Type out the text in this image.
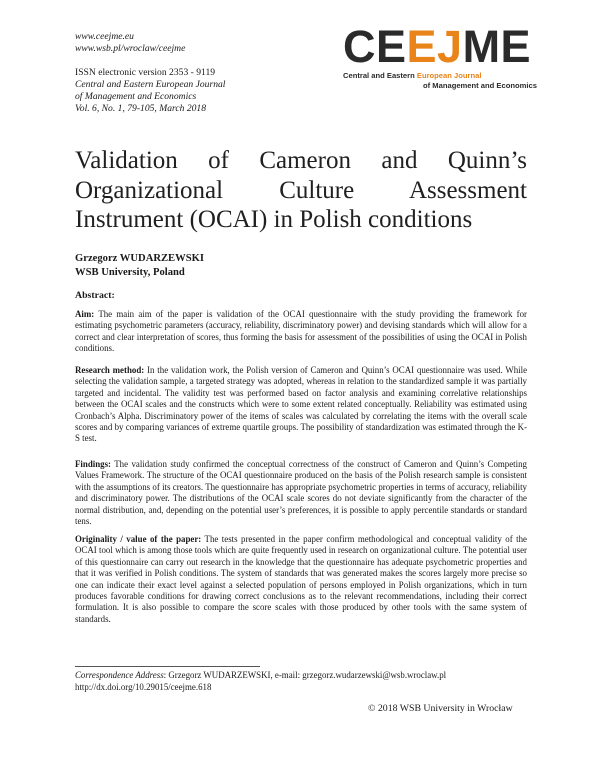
www.ceejme.eu
www.wsb.pl/wroclaw/ceejme
ISSN electronic version 2353 - 9119
Central and Eastern European Journal
of Management and Economics
Vol. 6, No. 1, 79-105, March 2018
CEEJME
Central and Eastern European Journal
of Management and Economics
Validation of Cameron and Quinn’s
Organizational Culture Assessment
Instrument (OCAI) in Polish conditions
Grzegorz WUDARZEWSKI
WSB University, Poland
Abstract:
Aim: The main aim of the paper is validation of the OCAI questionnaire with the study providing the framework for estimating psychometric parameters (accuracy, reliability, discriminatory power) and devising standards which will allow for a correct and clear interpretation of scores, thus forming the basis for assessment of the possibilities of using the OCAI in Polish conditions.
Research method: In the validation work, the Polish version of Cameron and Quinn’s OCAI questionnaire was used. While selecting the validation sample, a targeted strategy was adopted, whereas in relation to the standardized sample it was partially targeted and incidental. The validity test was performed based on factor analysis and examining correlative relationships between the OCAI scales and the constructs which were to some extent related conceptually. Reliability was estimated using Cronbach’s Alpha. Discriminatory power of the items of scales was calculated by correlating the items with the overall scale scores and by comparing variances of extreme quartile groups. The possibility of standardization was estimated through the K-S test.
Findings: The validation study confirmed the conceptual correctness of the construct of Cameron and Quinn’s Competing Values Framework. The structure of the OCAI questionnaire produced on the basis of the Polish research sample is consistent with the assumptions of its creators. The questionnaire has appropriate psychometric properties in terms of accuracy, reliability and discriminatory power. The distributions of the OCAI scale scores do not deviate significantly from the character of the normal distribution, and, depending on the potential user’s preferences, it is possible to apply percentile standards or standard tens.
Originality / value of the paper: The tests presented in the paper confirm methodological and conceptual validity of the OCAI tool which is among those tools which are quite frequently used in research on organizational culture. The potential user of this questionnaire can carry out research in the knowledge that the questionnaire has adequate psychometric properties and that it was verified in Polish conditions. The system of standards that was generated makes the scores largely more precise so one can indicate their exact level against a selected population of persons employed in Polish organizations, which in turn produces favorable conditions for drawing correct conclusions as to the relevant recommendations, including their correct formulation. It is also possible to compare the score scales with those produced by other tools with the same system of standards.
Correspondence Address: Grzegorz WUDARZEWSKI, e-mail: grzegorz.wudarzewski@wsb.wroclaw.pl
http://dx.doi.org/10.29015/ceejme.618
© 2018 WSB University in Wrocław
